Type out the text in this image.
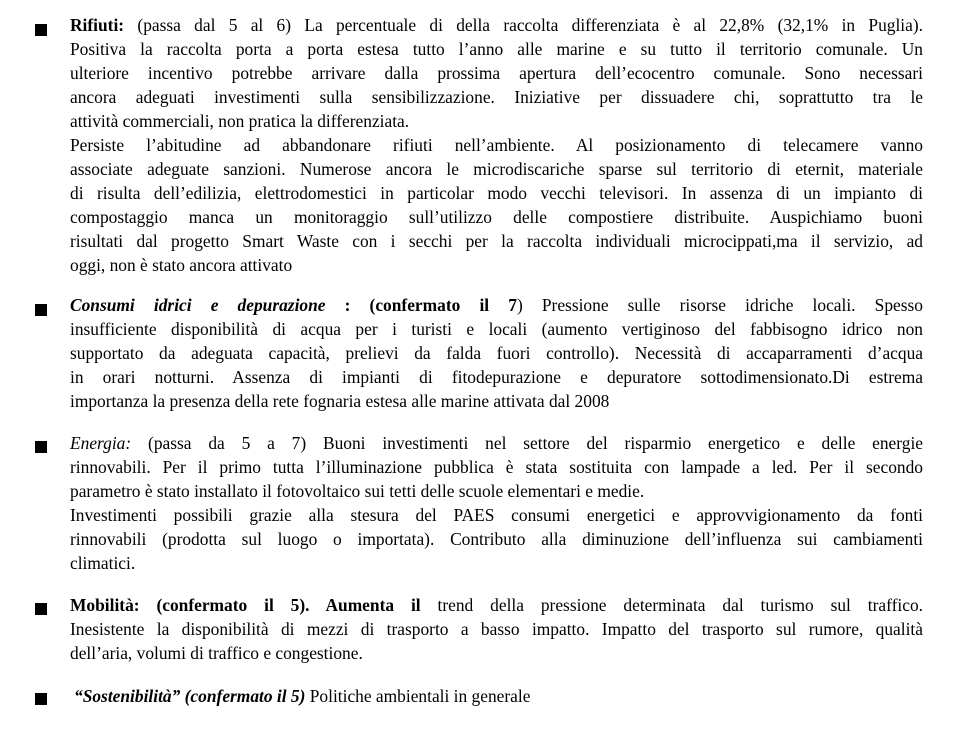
Rifiuti: (passa dal 5 al 6) La percentuale di della raccolta differenziata è al 22,8% (32,1% in Puglia).
Positiva la raccolta porta a porta estesa tutto l’anno alle marine e su tutto il territorio comunale. Un
ulteriore incentivo potrebbe arrivare dalla prossima apertura dell’ecocentro comunale. Sono necessari
ancora adeguati investimenti sulla sensibilizzazione. Iniziative per dissuadere chi, soprattutto tra le
attività commerciali, non pratica la differenziata.
Persiste l’abitudine ad abbandonare rifiuti nell’ambiente. Al posizionamento di telecamere vanno
associate adeguate sanzioni. Numerose ancora le microdiscariche sparse sul territorio di eternit, materiale
di risulta dell’edilizia, elettrodomestici in particolar modo vecchi televisori. In assenza di un impianto di
compostaggio manca un monitoraggio sull’utilizzo delle compostiere distribuite. Auspichiamo buoni
risultati dal progetto Smart Waste con i secchi per la raccolta individuali microcippati,ma il servizio, ad
oggi, non è stato ancora attivato
Consumi idrici e depurazione : (confermato il 7) Pressione sulle risorse idriche locali. Spesso
insufficiente disponibilità di acqua per i turisti e locali (aumento vertiginoso del fabbisogno idrico non
supportato da adeguata capacità, prelievi da falda fuori controllo). Necessità di accaparramenti d’acqua
in orari notturni. Assenza di impianti di fitodepurazione e depuratore sottodimensionato.Di estrema
importanza la presenza della rete fognaria estesa alle marine attivata dal 2008
Energia: (passa da 5 a 7) Buoni investimenti nel settore del risparmio energetico e delle energie
rinnovabili. Per il primo tutta l’illuminazione pubblica è stata sostituita con lampade a led. Per il secondo
parametro è stato installato il fotovoltaico sui tetti delle scuole elementari e medie.
Investimenti possibili grazie alla stesura del PAES consumi energetici e approvvigionamento da fonti
rinnovabili (prodotta sul luogo o importata). Contributo alla diminuzione dell’influenza sui cambiamenti
climatici.
Mobilità: (confermato il 5). Aumenta il trend della pressione determinata dal turismo sul traffico.
Inesistente la disponibilità di mezzi di trasporto a basso impatto. Impatto del trasporto sul rumore, qualità
dell’aria, volumi di traffico e congestione.
“Sostenibilità” (confermato il 5) Politiche ambientali in generale
